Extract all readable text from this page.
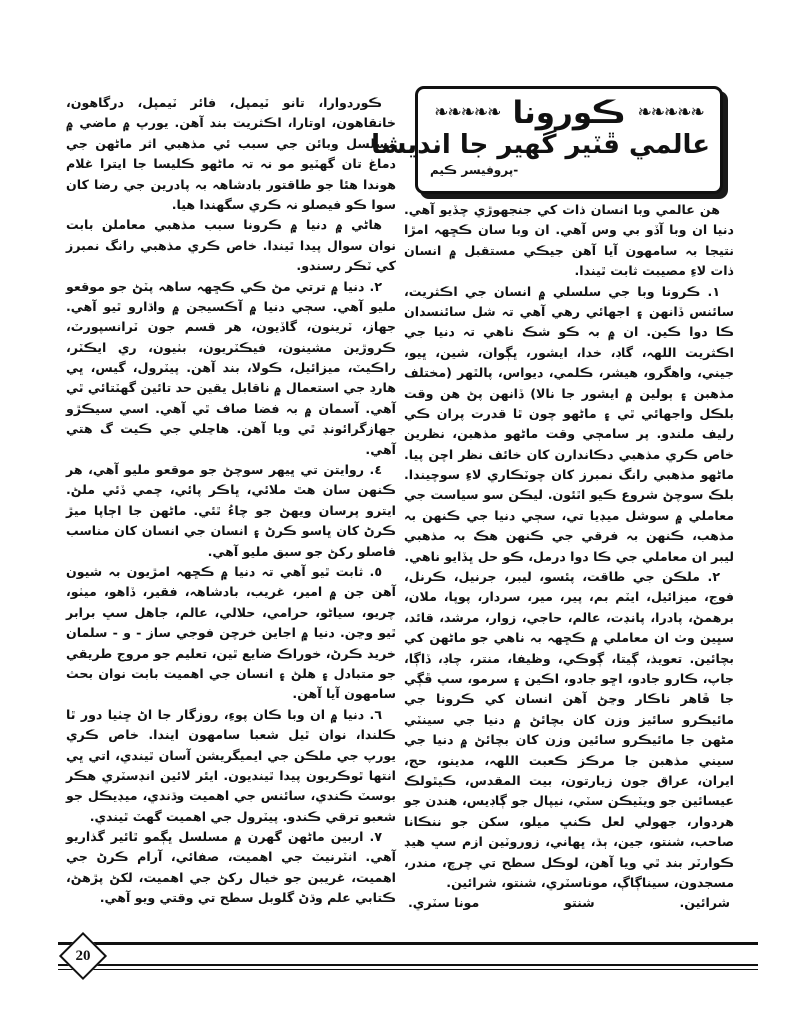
❧❧❧❧❧ ڪورونا ❧❧❧❧❧
عالمي ڦٽير گھير جا انديشا
-پروفيسر ڪيم

ڪوردوارا، تانو ٽيمپل، فائر ٽيمپل، درگاهون، خانقاهون، اوتارا، اڪثريت بند آهن. يورپ ۾ ماضي ۾ مسلسل وبائن جي سبب ئي مذهبي اثر ماڻهن جي دماغ تان گهٽيو مو نہ تہ ماڻهو ڪليسا جا ايترا غلام هوندا هئا جو طاقتور بادشاهہ بہ پادرين جي رضا کان سوا ڪو فيصلو نہ ڪري سگهندا هيا.

هاڻي ۾ دنيا ۾ ڪرونا سبب مذهبي معاملن بابت نوان سوال پيدا ٿيندا. خاص ڪري مذهبي رانگ نمبرز کي ٽڪر رسندو.

٢. دنيا ۾ ترتي مڻ ڪي ڪڇهہ ساهہ پٽڻ جو موقعو مليو آهي. سڄي دنيا ۾ آڪسيجن ۾ واڌارو ٿيو آهي. جهاز، ٽرينون، گاڏيون، هر قسم جون ٽرانسپورٽ، ڪروڙين مشينون، فيڪٽريون، بٺيون، ري ايڪٽر، راڪيٽ، ميزائيل، ڪولا، بند آهن. پيٽرول، گيس، ڀي هارڊ جي استعمال ۾ ناقابل يقين حد تائين گهٽتائي ٿي آهي. آسمان ۾ بہ فضا صاف ٿي آهي. اسي سيڪڙو جهازگرائونڊ ٿي ويا آهن. هاڃلي جي ڪيت گ هتي آهي.

٤. روايتن تي ڀيهر سوچڻ جو موقعو مليو آهي، هر ڪنهن سان هٿ ملائي، ڀاڪر پائي، چمي ڏئي ملڻ. ايترو پرسان ويهڻ جو چاءُ ٿئي. ماڻهن جا اڄاپا ميڙ ڪرڻ کان ڀاسو ڪرڻ ۽ انسان جي انسان کان مناسب فاصلو رکڻ جو سبق مليو آهي.

٥. ثابت ٿيو آهي تہ دنيا ۾ ڪڇهہ امڙيون بہ شيون آهن جن ۾ امير، غريب، بادشاهہ، فقير، ڏاهو، ميٺو، چريو، سياڻو، حرامي، حلالي، عالم، جاهل سڀ برابر ٿيو وڃن. دنيا ۾ اجاين خرچن فوجي ساز - و - سلمان خريد ڪرڻ، خوراڪ ضايع ٿين، تعليم جو مروج طريقي جو متبادل ۽ هلڻ ۽ انسان جي اهميت بابت نوان بحث سامهون آيا آهن.

٦. دنيا ۾ ان وبا ڪان پوءِ، روزگار جا اڻ ڇٺيا دور ٿا ڪلندا، نوان ٿيل شعبا سامهون ايندا. خاص ڪري يورپ جي ملڪن جي ايميگريشن آسان ٿيندي، اتي ڀي انتها ٿوڪريون پيدا ٿينديون. ايئر لائين انڊسٽري هڪر بوسٽ ڪندي، سائنس جي اهميت وڌندي، ميڊيڪل جو شعبو ترقي ڪندو. پيٽرول جي اهميت گهٽ ٿيندي.

٧. اربين ماڻهن گهرن ۾ مسلسل ڀڳمو ٿائير گذاريو آهي. انٽرنيٽ جي اهميت، صفائي، آرام ڪرڻ جي اهميت، غريبن جو خيال رکڻ جي اهميت، لکڻ پڙهڻ، ڪتابي علم وڌڻ گلوبل سطح تي وقتي ويو آهي.

هن عالمي وبا انسان ذات کي جنجهوڙي چڏيو آهي. دنيا ان وبا آڏو بي وس آهي. ان وبا سان ڪڇهہ امڙا نتيجا بہ سامهون آيا آهن جيڪي مستقبل ۾ انسان ذات لاءِ مصيبت ثابت ٿيندا.

١. ڪرونا وبا جي سلسلي ۾ انسان جي اڪثريت، سائنس ڏانهن ۽ اجهائي رهي آهي تہ شل سائنسدان ڪا دوا ڪين. ان ۾ بہ ڪو شڪ ناهي تہ دنيا جي اڪثريت اللهہ، گاڊ، خدا، ايشور، ڀڳوان، شين، ڀيو، جيني، واهگرو، هيشر، ڪلمي، ديواس، پالٿهر (مختلف مذهبن ۽ ٻولين ۾ ايشور جا نالا) ڏانهن پڻ هن وقت بلڪل واجهائي ٿي ۽ ماڻهو چون ٿا قدرت پران ڪي رليف ملندو. پر سامڄي وقت ماڻهو مذهبن، نظرين خاص ڪري مذهبي دڪاندارن کان خائف نظر اچن پيا. ماڻهو مذهبي رانگ نمبرز کان چوٽڪاري لاءِ سوچيندا. بلڪ سوچڻ شروع ڪيو اٿئون. ليڪن سو سياست جي معاملي ۾ سوشل ميڊيا تي، سڄي دنيا جي ڪنهن بہ مذهب، ڪنهن بہ فرقي جي ڪنهن ھڪ بہ مذهبي ليبر ان معاملي جي ڪا دوا درمل، ڪو حل ڀڏايو ناهي.

٢. ملڪن جي طاقت، پئسو، ليبر، جرنيل، ڪرنل، فوج، ميزائيل، ايٽم بم، پير، مير، سردار، پوپا، ملان، برهمڻ، پادرا، پانڊت، عالم، حاجي، زوار، مرشد، قائد، سڀين وٺ ان معاملي ۾ ڪڇهہ بہ ناهي جو ماڻهن کي بچائين. تعويذ، ڳيتا، ڳوڪي، وظيفا، منتر، چاڊ، ڏاڳا، جاپ، ڪارو جادو، اڇو جادو، اڪين ۽ سرمو، سپ ڦڳي جا ڦاهر ناڪار وڃڻ آهن انسان کي ڪرونا جي مائيڪرو سائيز وزن کان بچائڻ ۾ دنيا جي سينٽي مڻهن جا مائيڪرو سائين وزن کان بچائڻ ۾ دنيا جي سيني مذهبن جا مرڪز ڪعبت اللهہ، مدينو، حج، ايران، عراق جون زيارتون، بيت المقدس، ڪيٿولڪ عيسائين جو ويٽيڪن سٽي، نيپال جو ڳاڊيس، هندن جو هردوار، جهولي لعل ڪنڀ ميلو، سکن جو ننڪانا صاحب، شنتو، جين، ٻڌ، ڀهاني، زوروٽين ازم سڀ هيڊ ڪوارٽر بند ٿي ويا آهن، لوڪل سطح تي چرچ، مندر، مسجدون، سيناڳاڳ، موناسٽري، شنتو، شرائين.

مونا سٽري.	شنتو	شرائين.
20
